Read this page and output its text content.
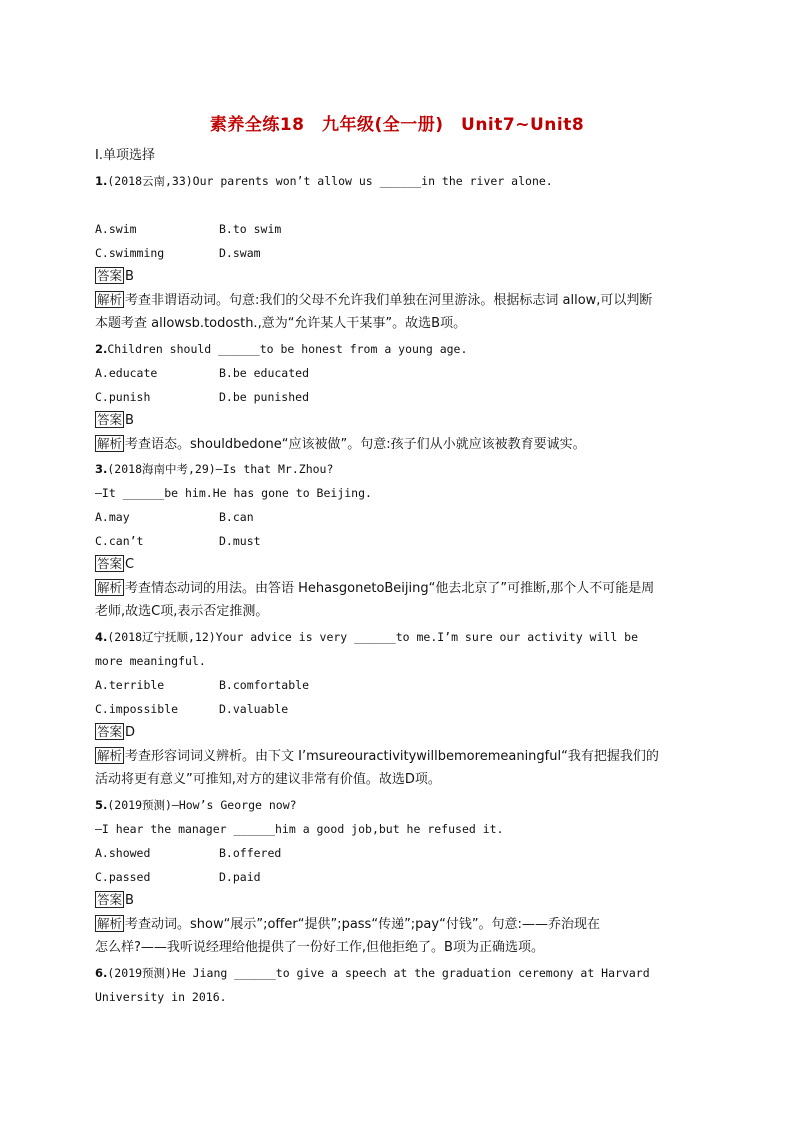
素养全练18　九年级(全一册)　Unit7~Unit8
Ⅰ.单项选择
1.(2018云南,33)Our parents won’t allow us ______in the river alone.
A.swim	B.to swim
C.swimming	D.swam
答案 B
解析 考查非谓语动词。句意:我们的父母不允许我们单独在河里游泳。根据标志词 allow,可以判断
本题考查 allowsb.todosth.,意为“允许某人干某事”。故选B项。
2.Children should ______to be honest from a young age.
A.educate	B.be educated
C.punish	D.be punished
答案 B
解析 考查语态。shouldbedone“应该被做”。句意:孩子们从小就应该被教育要诚实。
3.(2018海南中考,29)—Is that Mr.Zhou?
—It ______be him.He has gone to Beijing.
A.may	B.can
C.can’t	D.must
答案 C
解析 考查情态动词的用法。由答语 HehasgonetoBeijing“他去北京了”可推断,那个人不可能是周
老师,故选C项,表示否定推测。
4.(2018辽宁抚顺,12)Your advice is very ______to me.I’m sure our activity will be
more meaningful.
A.terrible	B.comfortable
C.impossible	D.valuable
答案 D
解析 考查形容词词义辨析。由下文 I’msureouractivitywillbemoremeaningful“我有把握我们的
活动将更有意义”可推知,对方的建议非常有价值。故选D项。
5.(2019预测)—How’s George now?
—I hear the manager ______him a good job,but he refused it.
A.showed	B.offered
C.passed	D.paid
答案 B
解析 考查动词。show“展示”;offer“提供”;pass“传递”;pay“付钱”。句意:——乔治现在
怎么样?——我听说经理给他提供了一份好工作,但他拒绝了。B项为正确选项。
6.(2019预测)He Jiang ______to give a speech at the graduation ceremony at Harvard
University in 2016.
